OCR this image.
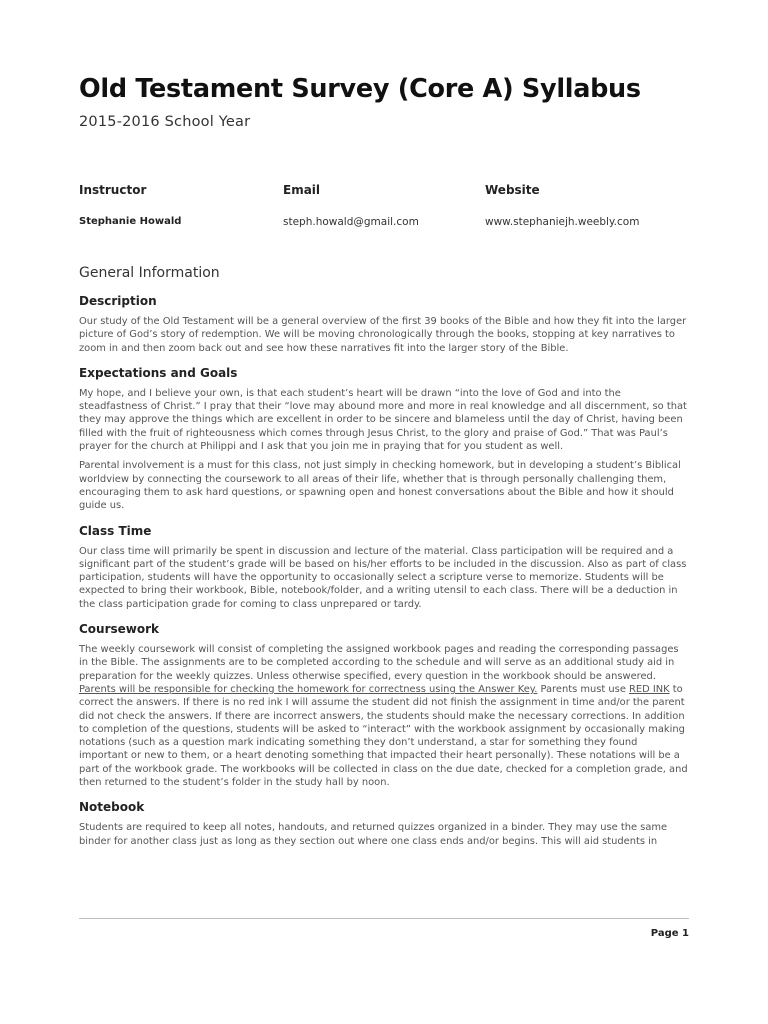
Old Testament Survey (Core A) Syllabus
2015-2016 School Year
Instructor	Email	Website
Stephanie Howald	steph.howald@gmail.com	www.stephaniejh.weebly.com
General Information
Description

Our study of the Old Testament will be a general overview of the first 39 books of the Bible and how they fit into the larger picture of God’s story of redemption. We will be moving chronologically through the books, stopping at key narratives to zoom in and then zoom back out and see how these narratives fit into the larger story of the Bible.

Expectations and Goals

My hope, and I believe your own, is that each student’s heart will be drawn “into the love of God and into the steadfastness of Christ.” I pray that their “love may abound more and more in real knowledge and all discernment, so that they may approve the things which are excellent in order to be sincere and blameless until the day of Christ, having been filled with the fruit of righteousness which comes through Jesus Christ, to the glory and praise of God.” That was Paul’s prayer for the church at Philippi and I ask that you join me in praying that for you student as well.

Parental involvement is a must for this class, not just simply in checking homework, but in developing a student’s Biblical worldview by connecting the coursework to all areas of their life, whether that is through personally challenging them, encouraging them to ask hard questions, or spawning open and honest conversations about the Bible and how it should guide us.

Class Time

Our class time will primarily be spent in discussion and lecture of the material. Class participation will be required and a significant part of the student’s grade will be based on his/her efforts to be included in the discussion. Also as part of class participation, students will have the opportunity to occasionally select a scripture verse to memorize. Students will be expected to bring their workbook, Bible, notebook/folder, and a writing utensil to each class. There will be a deduction in the class participation grade for coming to class unprepared or tardy.

Coursework

The weekly coursework will consist of completing the assigned workbook pages and reading the corresponding passages in the Bible. The assignments are to be completed according to the schedule and will serve as an additional study aid in preparation for the weekly quizzes. Unless otherwise specified, every question in the workbook should be answered. Parents will be responsible for checking the homework for correctness using the Answer Key. Parents must use RED INK to correct the answers. If there is no red ink I will assume the student did not finish the assignment in time and/or the parent did not check the answers. If there are incorrect answers, the students should make the necessary corrections. In addition to completion of the questions, students will be asked to “interact” with the workbook assignment by occasionally making notations (such as a question mark indicating something they don’t understand, a star for something they found important or new to them, or a heart denoting something that impacted their heart personally). These notations will be a part of the workbook grade. The workbooks will be collected in class on the due date, checked for a completion grade, and then returned to the student’s folder in the study hall by noon.

Notebook

Students are required to keep all notes, handouts, and returned quizzes organized in a binder. They may use the same binder for another class just as long as they section out where one class ends and/or begins. This will aid students in

Page 1
